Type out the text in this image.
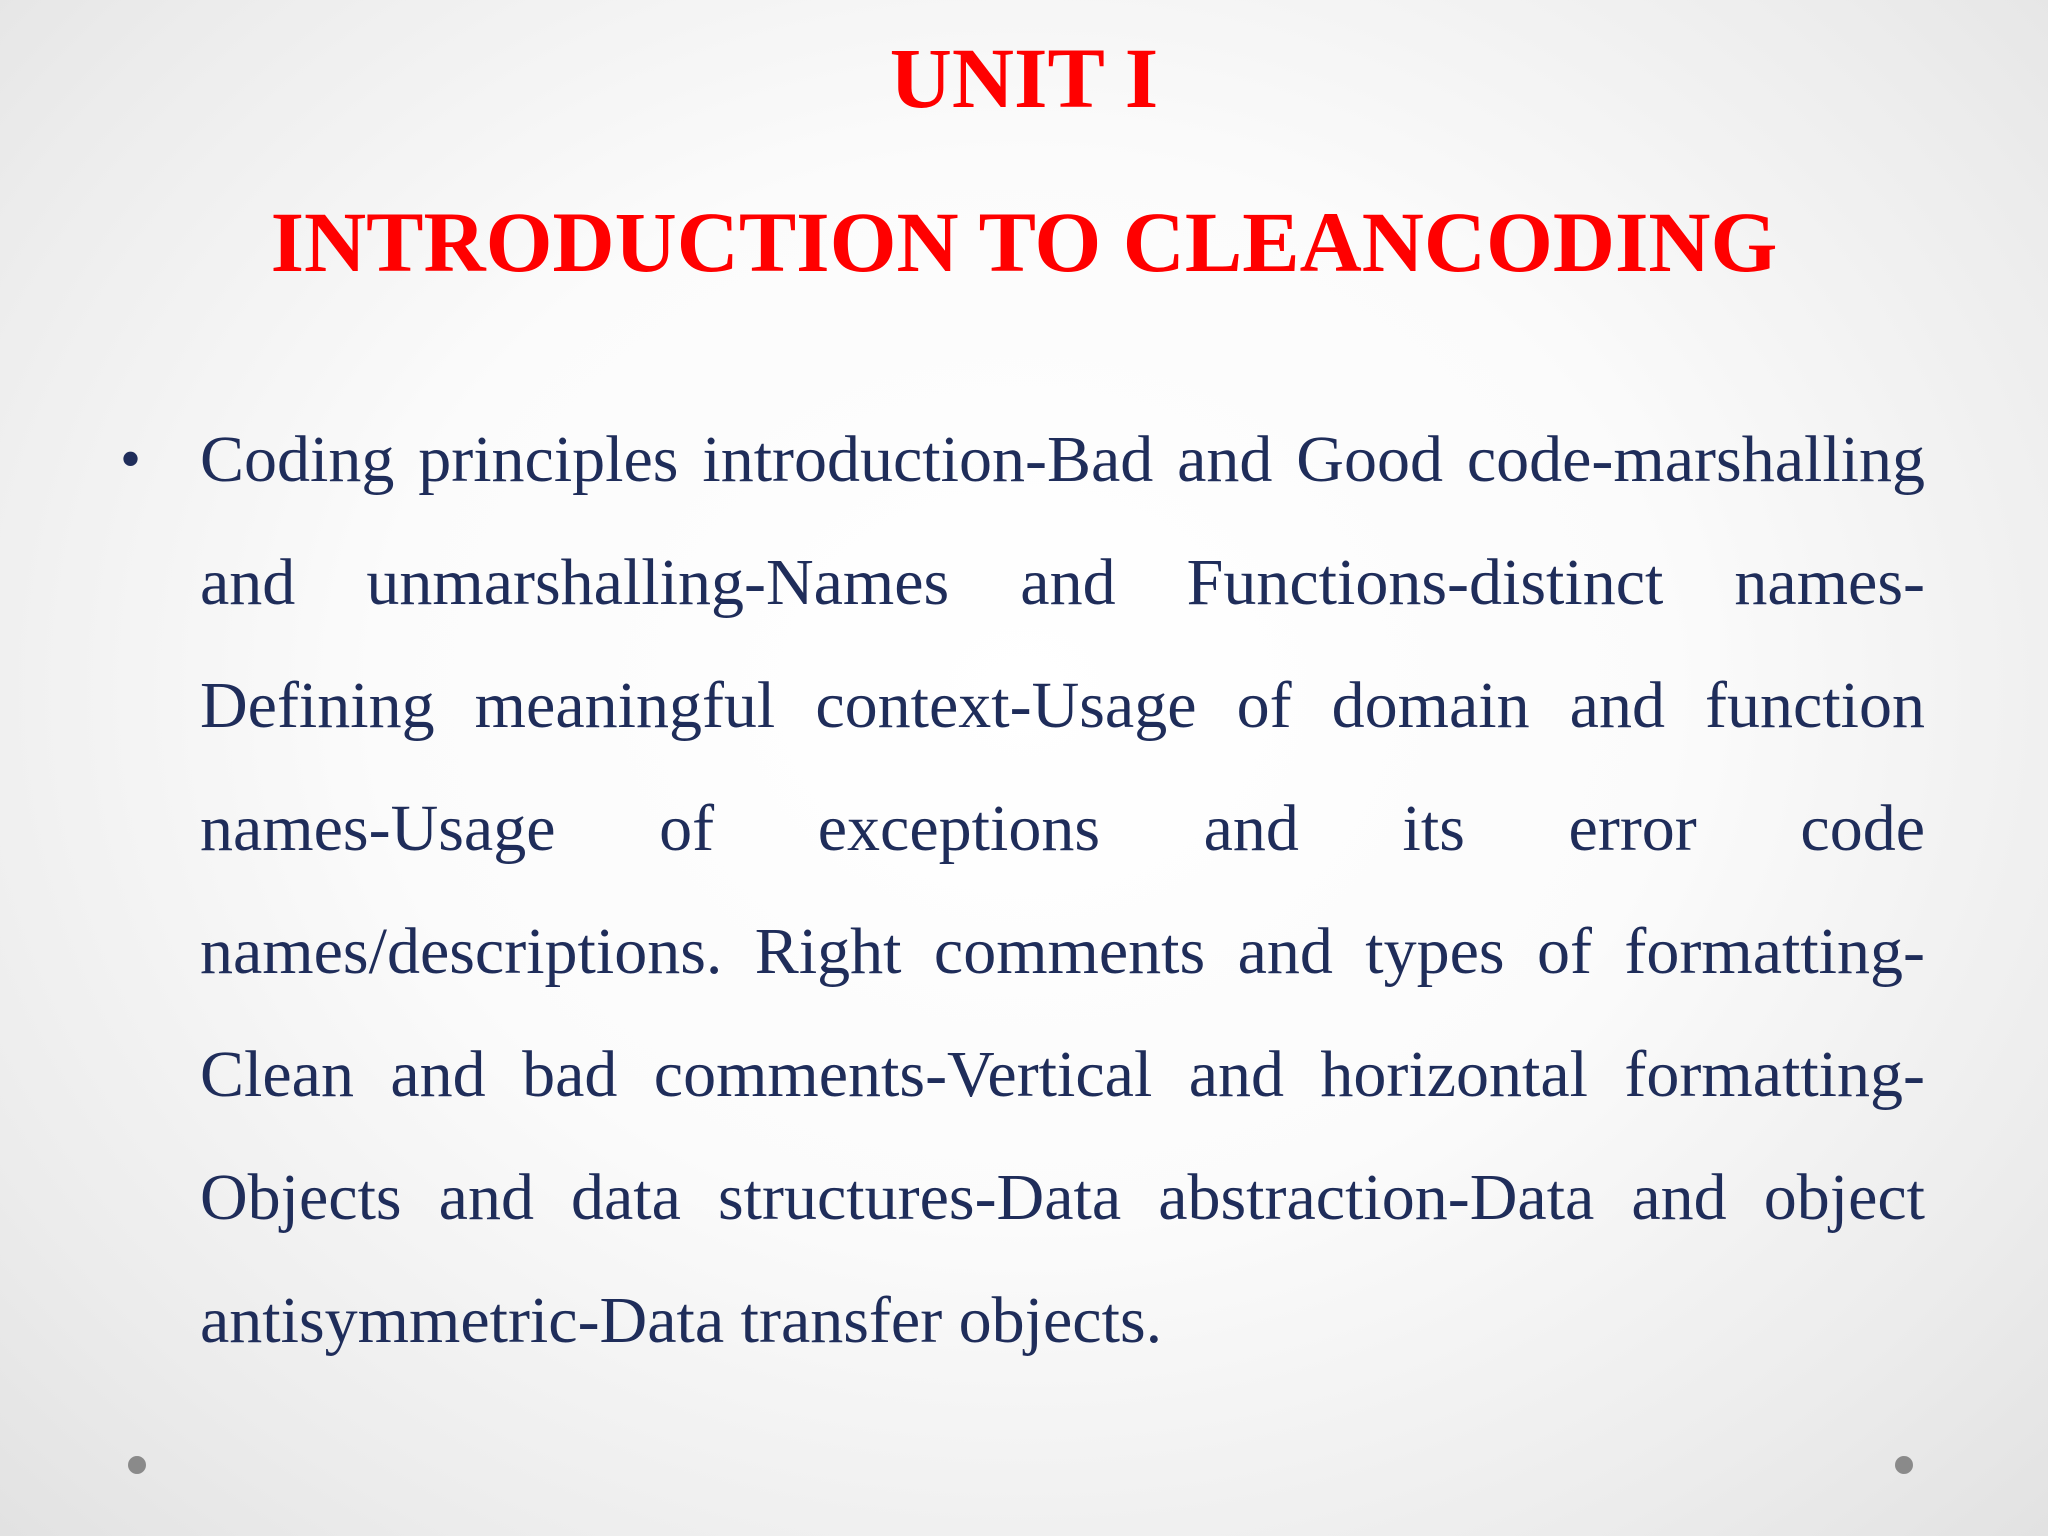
UNIT I
INTRODUCTION TO CLEANCODING
• Coding principles introduction-Bad and Good code-marshalling and unmarshalling-Names and Functions-distinct names-Defining meaningful context-Usage of domain and function names-Usage of exceptions and its error code names/descriptions. Right comments and types of formatting-Clean and bad comments-Vertical and horizontal formatting-Objects and data structures-Data abstraction-Data and object antisymmetric-Data transfer objects.
